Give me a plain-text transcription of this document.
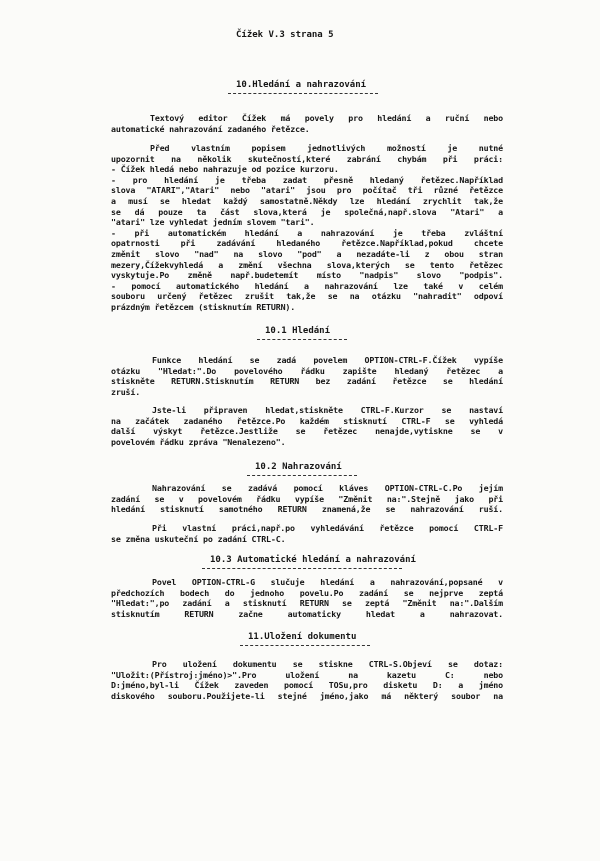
Čížek V.3 strana 5
10.Hledání a nahrazování
Textový editor Čížek má povely pro hledání a ruční nebo
automatické nahrazování zadaného řetězce.
Před vlastním popisem jednotlivých možností je nutné
upozornit na několik skutečností,které zabrání chybám při práci:
- Čížek hledá nebo nahrazuje od pozice kurzoru.
- pro hledání je třeba zadat přesně hledaný řetězec.Například
slova "ATARI","Atari" nebo "atari" jsou pro počítač tři různé řetězce
a musí se hledat každý samostatně.Někdy lze hledání zrychlit tak,že
se dá pouze ta část slova,která je společná,např.slova "Atari" a
"atari" lze vyhledat jedním slovem "tari".
- při automatickém hledání a nahrazování je třeba zvláštní
opatrnosti při zadávání hledaného řetězce.Například,pokud chcete
změnit slovo "nad" na slovo "pod" a nezadáte-li z obou stran
mezery,Čížekvyhledá a změní všechna slova,kterých se tento řetězec
vyskytuje.Po změně např.budetemít místo "nadpis" slovo "podpis".
- pomocí automatického hledání a nahrazování lze také v celém
souboru určený řetězec zrušit tak,že se na otázku "nahradit" odpoví
prázdným řetězcem (stisknutím RETURN).
10.1 Hledání
Funkce hledání se zadá povelem OPTION-CTRL-F.Čížek vypíše
otázku "Hledat:".Do povelového řádku zapište hledaný řetězec a
stiskněte RETURN.Stisknutím RETURN bez zadání řetězce se hledání
zruší.
Jste-li připraven hledat,stiskněte CTRL-F.Kurzor se nastaví
na začátek zadaného řetězce.Po každém stisknutí CTRL-F se vyhledá
další výskyt řetězce.Jestliže se řetězec nenajde,vytiskne se v
povelovém řádku zpráva "Nenalezeno".
10.2 Nahrazování
Nahrazování se zadává pomocí kláves OPTION-CTRL-C.Po jejím
zadání se v povelovém řádku vypíše "Změnit na:".Stejně jako při
hledání stisknutí samotného RETURN znamená,že se nahrazování ruší.
Při vlastní práci,např.po vyhledávání řetězce pomocí CTRL-F
se změna uskuteční po zadání CTRL-C.
10.3 Automatické hledání a nahrazování
Povel OPTION-CTRL-G slučuje hledání a nahrazování,popsané v
předchozích bodech do jednoho povelu.Po zadání se nejprve zeptá
"Hledat:",po zadání a stisknutí RETURN se zeptá "Změnit na:".Dalším
stisknutím RETURN začne automaticky hledat a nahrazovat.
11.Uložení dokumentu
Pro uložení dokumentu se stiskne CTRL-S.Objeví se dotaz:
"Uložit:(Přístroj:jméno)>".Pro uložení na kazetu C: nebo
D:jméno,byl-li Čížek zaveden pomocí TOSu,pro disketu D: a jméno
diskového souboru.Použijete-li stejné jméno,jako má některý soubor na
